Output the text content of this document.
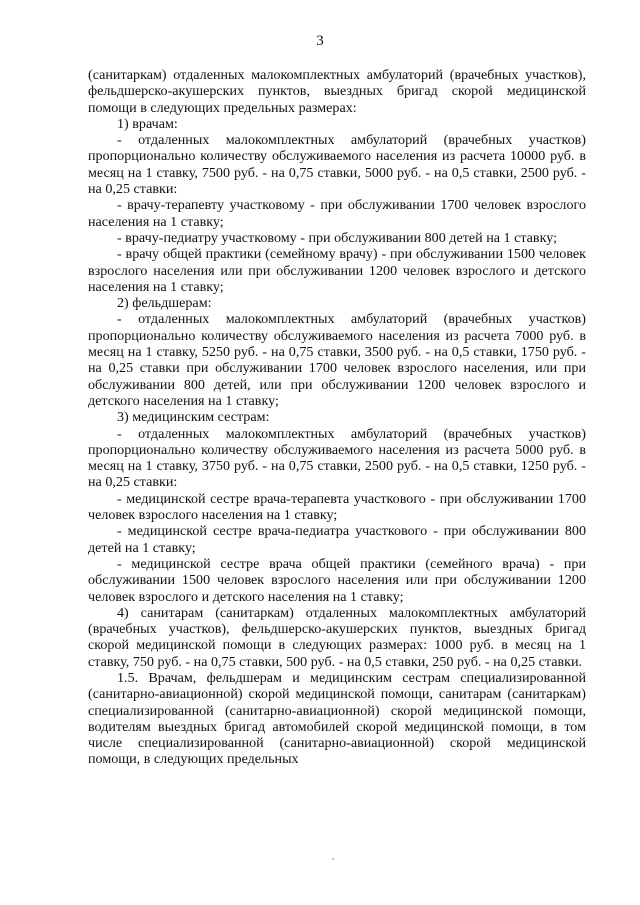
3

(санитаркам) отдаленных малокомплектных амбулаторий (врачебных участков), фельдшерско-акушерских пунктов, выездных бригад скорой медицинской помощи в следующих предельных размерах:

1) врачам:

- отдаленных малокомплектных амбулаторий (врачебных участков) пропорционально количеству обслуживаемого населения из расчета 10000 руб. в месяц на 1 ставку, 7500 руб. - на 0,75 ставки, 5000 руб. - на 0,5 ставки, 2500 руб. - на 0,25 ставки:

- врачу-терапевту участковому - при обслуживании 1700 человек взрослого населения на 1 ставку;

- врачу-педиатру участковому - при обслуживании 800 детей на 1 ставку;

- врачу общей практики (семейному врачу) - при обслуживании 1500 человек взрослого населения или при обслуживании 1200 человек взрослого и детского населения на 1 ставку;

2) фельдшерам:

- отдаленных малокомплектных амбулаторий (врачебных участков) пропорционально количеству обслуживаемого населения из расчета 7000 руб. в месяц на 1 ставку, 5250 руб. - на 0,75 ставки, 3500 руб. - на 0,5 ставки, 1750 руб. - на 0,25 ставки при обслуживании 1700 человек взрослого населения, или при обслуживании 800 детей, или при обслуживании 1200 человек взрослого и детского населения на 1 ставку;

3) медицинским сестрам:

- отдаленных малокомплектных амбулаторий (врачебных участков) пропорционально количеству обслуживаемого населения из расчета 5000 руб. в месяц на 1 ставку, 3750 руб. - на 0,75 ставки, 2500 руб. - на 0,5 ставки, 1250 руб. - на 0,25 ставки:

- медицинской сестре врача-терапевта участкового - при обслуживании 1700 человек взрослого населения на 1 ставку;

- медицинской сестре врача-педиатра участкового - при обслуживании 800 детей на 1 ставку;

- медицинской сестре врача общей практики (семейного врача) - при обслуживании 1500 человек взрослого населения или при обслуживании 1200 человек взрослого и детского населения на 1 ставку;

4) санитарам (санитаркам) отдаленных малокомплектных амбулаторий (врачебных участков), фельдшерско-акушерских пунктов, выездных бригад скорой медицинской помощи в следующих размерах: 1000 руб. в месяц на 1 ставку, 750 руб. - на 0,75 ставки, 500 руб. - на 0,5 ставки, 250 руб. - на 0,25 ставки.

1.5. Врачам, фельдшерам и медицинским сестрам специализированной (санитарно-авиационной) скорой медицинской помощи, санитарам (санитаркам) специализированной (санитарно-авиационной) скорой медицинской помощи, водителям выездных бригад автомобилей скорой медицинской помощи, в том числе специализированной (санитарно-авиационной) скорой медицинской помощи, в следующих предельных
